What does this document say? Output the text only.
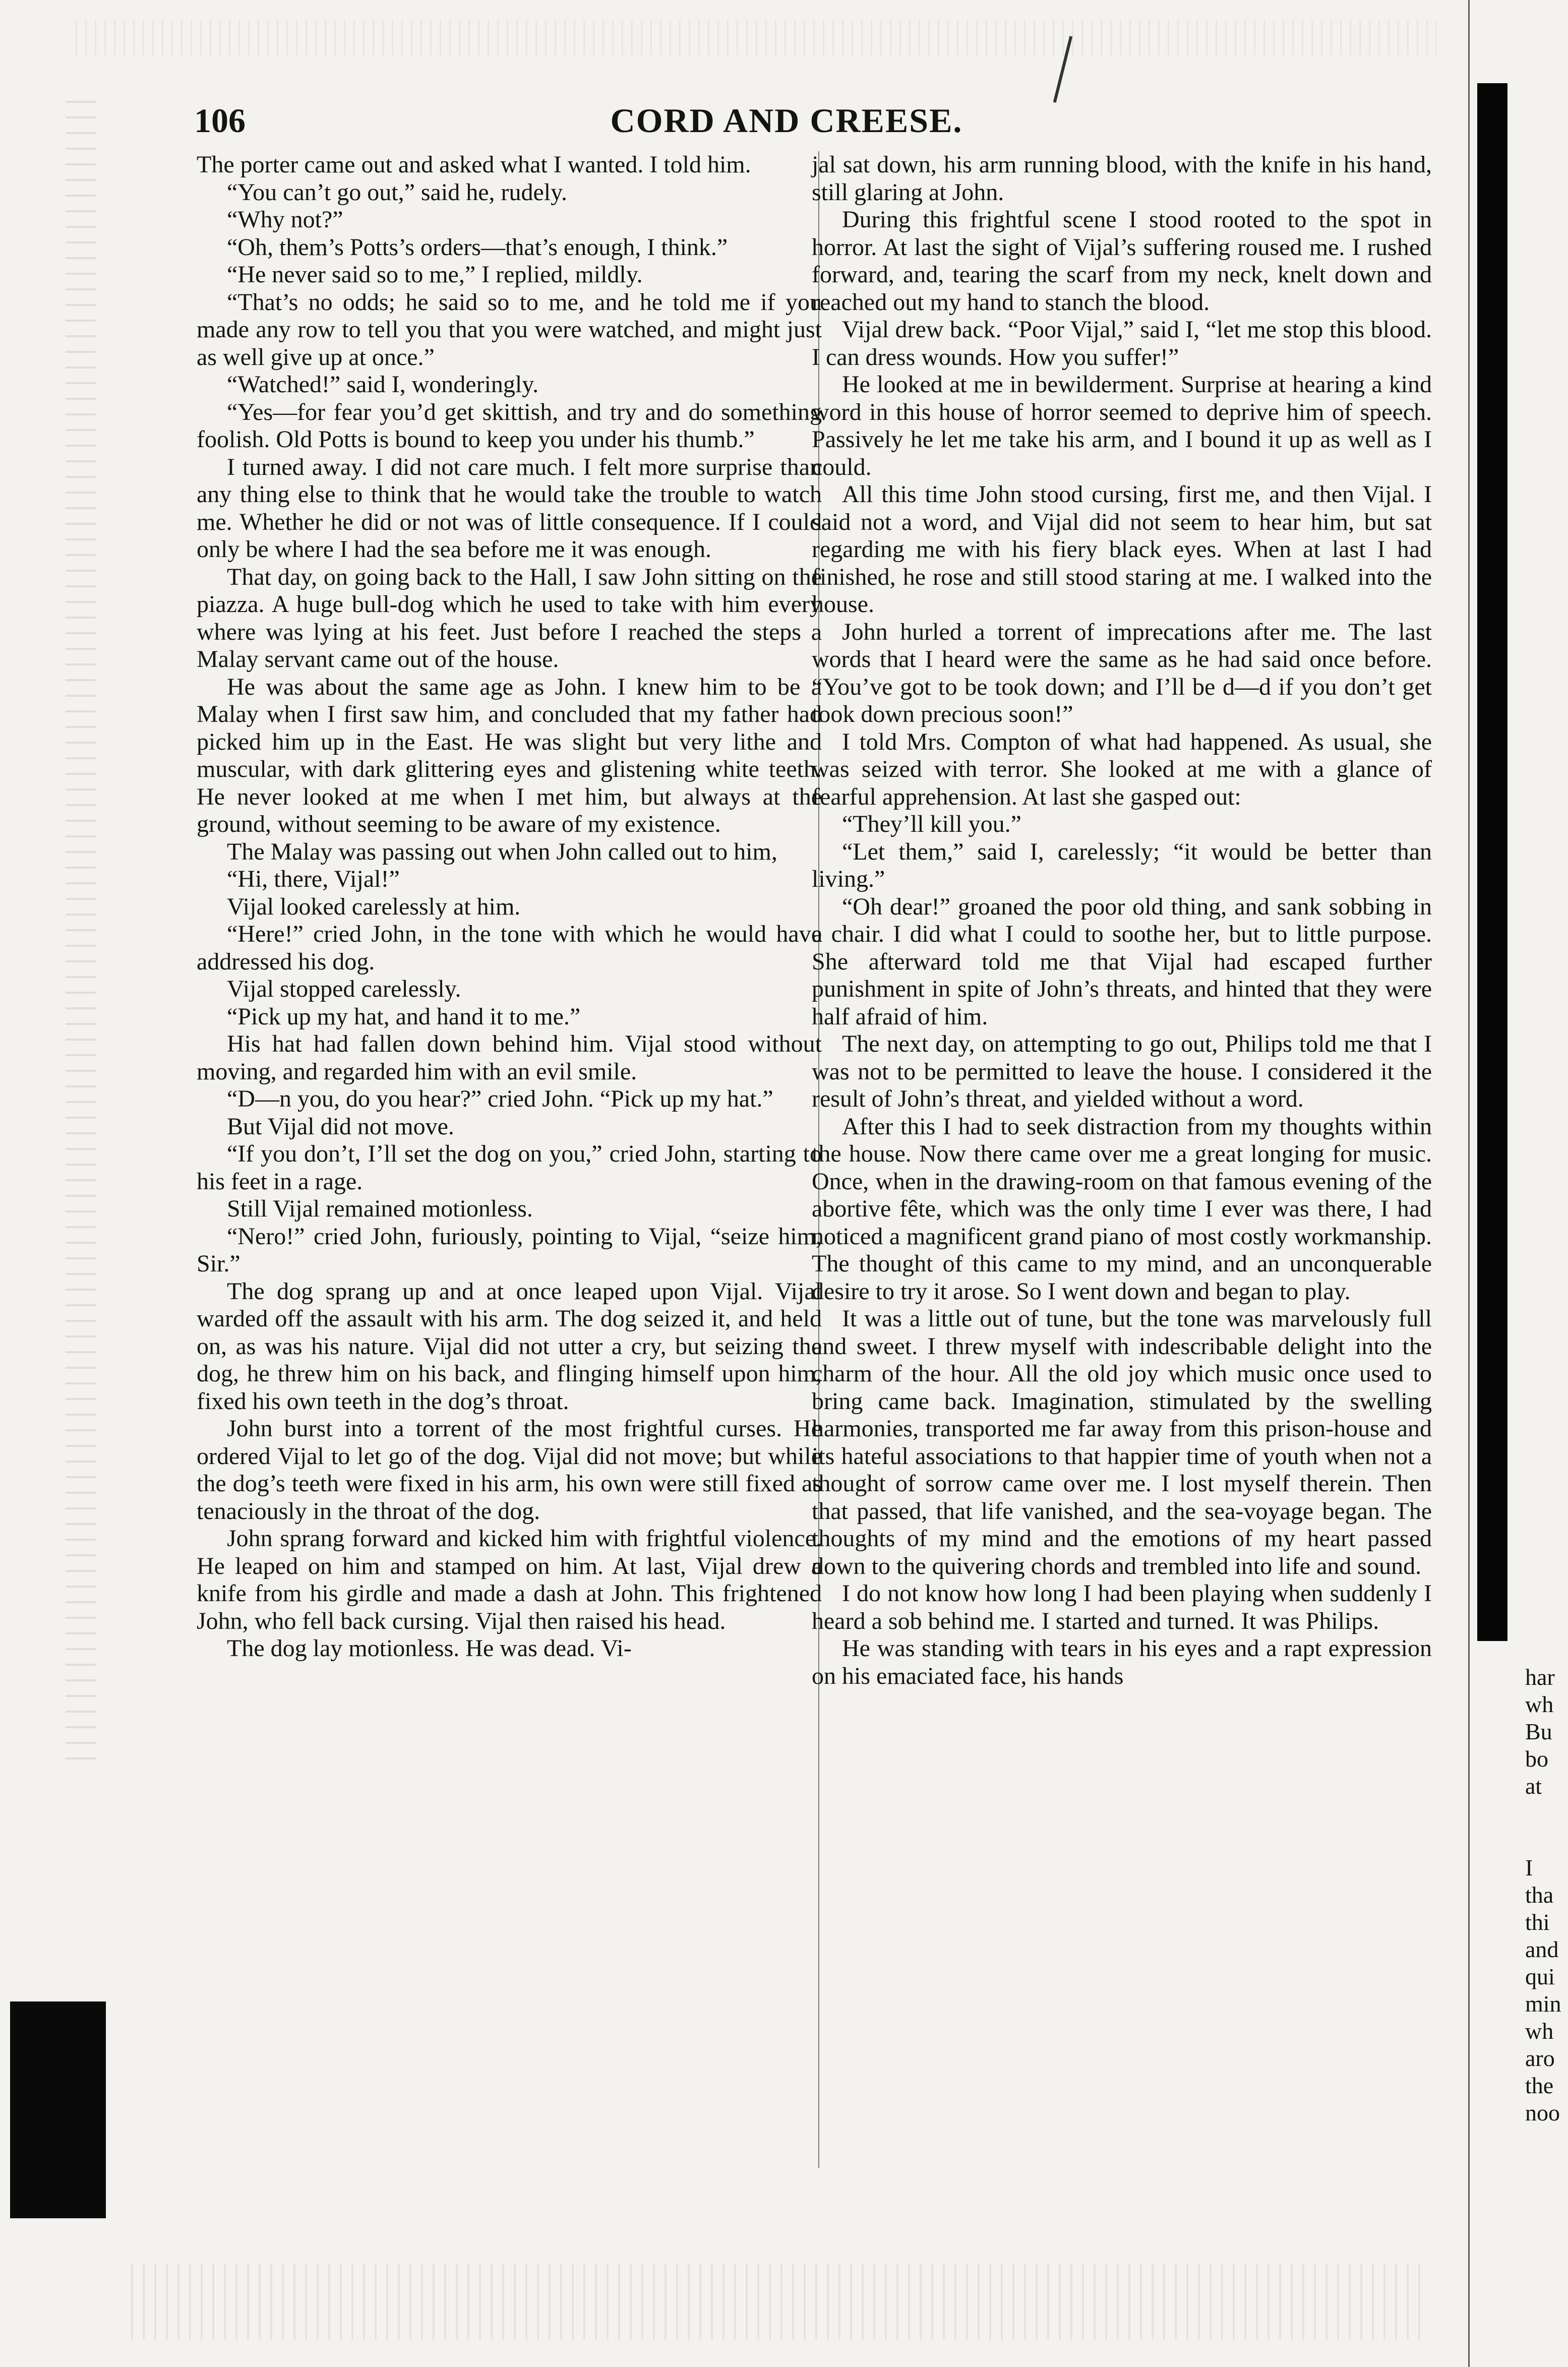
CORD AND CREESE.
106

The porter came out and asked what I wanted. I told him.

“You can’t go out,” said he, rudely.

“Why not?”

“Oh, them’s Potts’s orders—that’s enough, I think.”

“He never said so to me,” I replied, mildly.

“That’s no odds; he said so to me, and he told me if you made any row to tell you that you were watched, and might just as well give up at once.”

“Watched!” said I, wonderingly.

“Yes—for fear you’d get skittish, and try and do something foolish. Old Potts is bound to keep you under his thumb.”

I turned away. I did not care much. I felt more surprise than any thing else to think that he would take the trouble to watch me. Whether he did or not was of little consequence. If I could only be where I had the sea before me it was enough.

That day, on going back to the Hall, I saw John sitting on the piazza. A huge bull-dog which he used to take with him every where was lying at his feet. Just before I reached the steps a Malay servant came out of the house.

He was about the same age as John. I knew him to be a Malay when I first saw him, and concluded that my father had picked him up in the East. He was slight but very lithe and muscular, with dark glittering eyes and glistening white teeth. He never looked at me when I met him, but always at the ground, without seeming to be aware of my existence.

The Malay was passing out when John called out to him,

“Hi, there, Vijal!”

Vijal looked carelessly at him.

“Here!” cried John, in the tone with which he would have addressed his dog.

Vijal stopped carelessly.

“Pick up my hat, and hand it to me.”

His hat had fallen down behind him. Vijal stood without moving, and regarded him with an evil smile.

“D—n you, do you hear?” cried John. “Pick up my hat.”

But Vijal did not move.

“If you don’t, I’ll set the dog on you,” cried John, starting to his feet in a rage.

Still Vijal remained motionless.

“Nero!” cried John, furiously, pointing to Vijal, “seize him, Sir.”

The dog sprang up and at once leaped upon Vijal. Vijal warded off the assault with his arm. The dog seized it, and held on, as was his nature. Vijal did not utter a cry, but seizing the dog, he threw him on his back, and flinging himself upon him, fixed his own teeth in the dog’s throat.

John burst into a torrent of the most frightful curses. He ordered Vijal to let go of the dog. Vijal did not move; but while the dog’s teeth were fixed in his arm, his own were still fixed as tenaciously in the throat of the dog.

John sprang forward and kicked him with frightful violence. He leaped on him and stamped on him. At last, Vijal drew a knife from his girdle and made a dash at John. This frightened John, who fell back cursing. Vijal then raised his head.

The dog lay motionless. He was dead. Vi-

jal sat down, his arm running blood, with the knife in his hand, still glaring at John.

During this frightful scene I stood rooted to the spot in horror. At last the sight of Vijal’s suffering roused me. I rushed forward, and, tearing the scarf from my neck, knelt down and reached out my hand to stanch the blood.

Vijal drew back. “Poor Vijal,” said I, “let me stop this blood. I can dress wounds. How you suffer!”

He looked at me in bewilderment. Surprise at hearing a kind word in this house of horror seemed to deprive him of speech. Passively he let me take his arm, and I bound it up as well as I could.

All this time John stood cursing, first me, and then Vijal. I said not a word, and Vijal did not seem to hear him, but sat regarding me with his fiery black eyes. When at last I had finished, he rose and still stood staring at me. I walked into the house.

John hurled a torrent of imprecations after me. The last words that I heard were the same as he had said once before. “You’ve got to be took down; and I’ll be d—d if you don’t get took down precious soon!”

I told Mrs. Compton of what had happened. As usual, she was seized with terror. She looked at me with a glance of fearful apprehension. At last she gasped out:

“They’ll kill you.”

“Let them,” said I, carelessly; “it would be better than living.”

“Oh dear!” groaned the poor old thing, and sank sobbing in a chair. I did what I could to soothe her, but to little purpose. She afterward told me that Vijal had escaped further punishment in spite of John’s threats, and hinted that they were half afraid of him.

The next day, on attempting to go out, Philips told me that I was not to be permitted to leave the house. I considered it the result of John’s threat, and yielded without a word.

After this I had to seek distraction from my thoughts within the house. Now there came over me a great longing for music. Once, when in the drawing-room on that famous evening of the abortive fête, which was the only time I ever was there, I had noticed a magnificent grand piano of most costly workmanship. The thought of this came to my mind, and an unconquerable desire to try it arose. So I went down and began to play.

It was a little out of tune, but the tone was marvelously full and sweet. I threw myself with indescribable delight into the charm of the hour. All the old joy which music once used to bring came back. Imagination, stimulated by the swelling harmonies, transported me far away from this prison-house and its hateful associations to that happier time of youth when not a thought of sorrow came over me. I lost myself therein. Then that passed, that life vanished, and the sea-voyage began. The thoughts of my mind and the emotions of my heart passed down to the quivering chords and trembled into life and sound.

I do not know how long I had been playing when suddenly I heard a sob behind me. I started and turned. It was Philips.

He was standing with tears in his eyes and a rapt expression on his emaciated face, his hands	har
wh
Bu
bo
at

I
tha
thi
and
qui
min
wh
aro
the
noo
